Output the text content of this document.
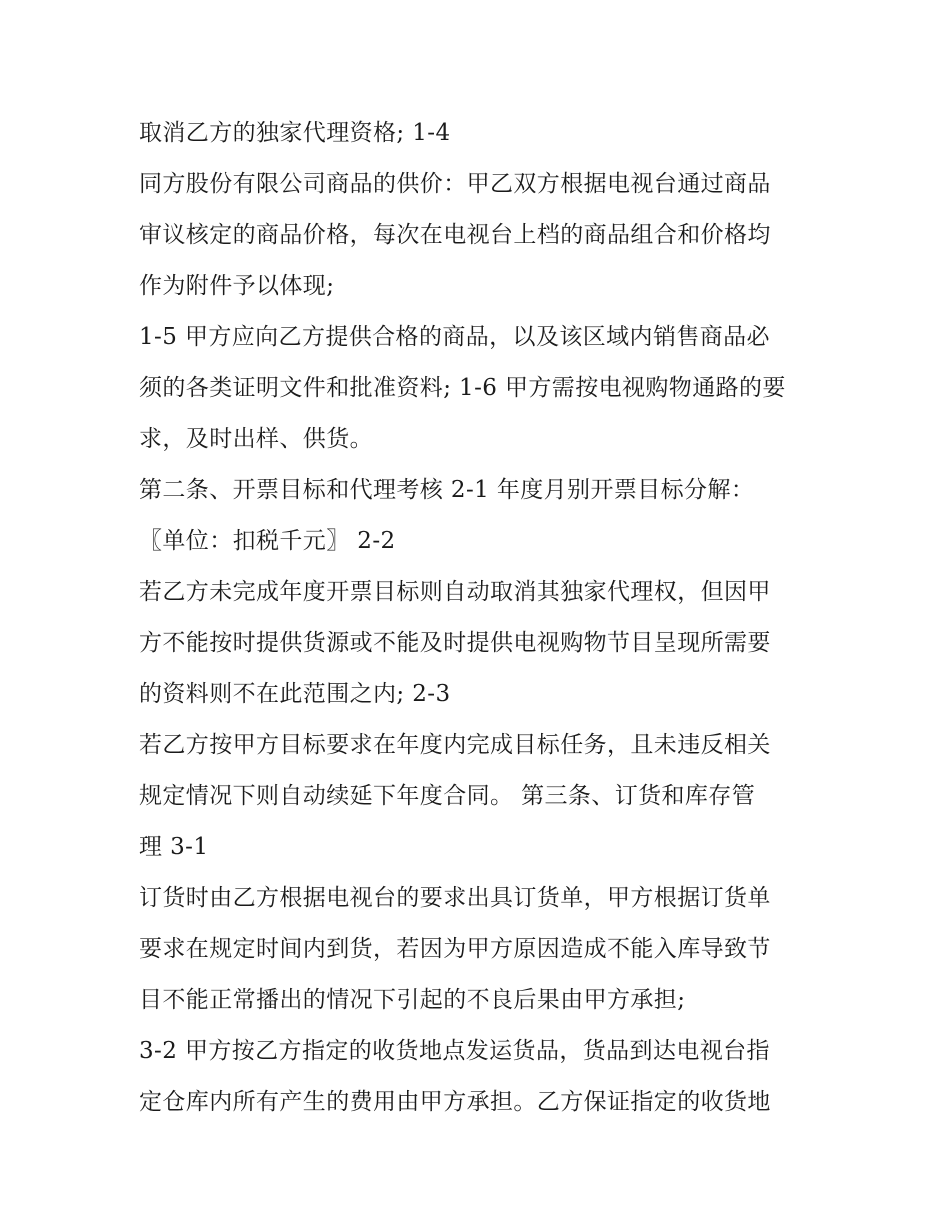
取消乙方的独家代理资格; 1-4
同方股份有限公司商品的供价：甲乙双方根据电视台通过商品
审议核定的商品价格，每次在电视台上档的商品组合和价格均
作为附件予以体现;
1-5 甲方应向乙方提供合格的商品，以及该区域内销售商品必
须的各类证明文件和批准资料; 1-6 甲方需按电视购物通路的要
求，及时出样、供货。
第二条、开票目标和代理考核 2-1 年度月别开票目标分解：
〖单位：扣税千元〗 2-2
若乙方未完成年度开票目标则自动取消其独家代理权，但因甲
方不能按时提供货源或不能及时提供电视购物节目呈现所需要
的资料则不在此范围之内; 2-3
若乙方按甲方目标要求在年度内完成目标任务，且未违反相关
规定情况下则自动续延下年度合同。 第三条、订货和库存管
理 3-1
订货时由乙方根据电视台的要求出具订货单，甲方根据订货单
要求在规定时间内到货，若因为甲方原因造成不能入库导致节
目不能正常播出的情况下引起的不良后果由甲方承担;
3-2 甲方按乙方指定的收货地点发运货品，货品到达电视台指
定仓库内所有产生的费用由甲方承担。乙方保证指定的收货地
